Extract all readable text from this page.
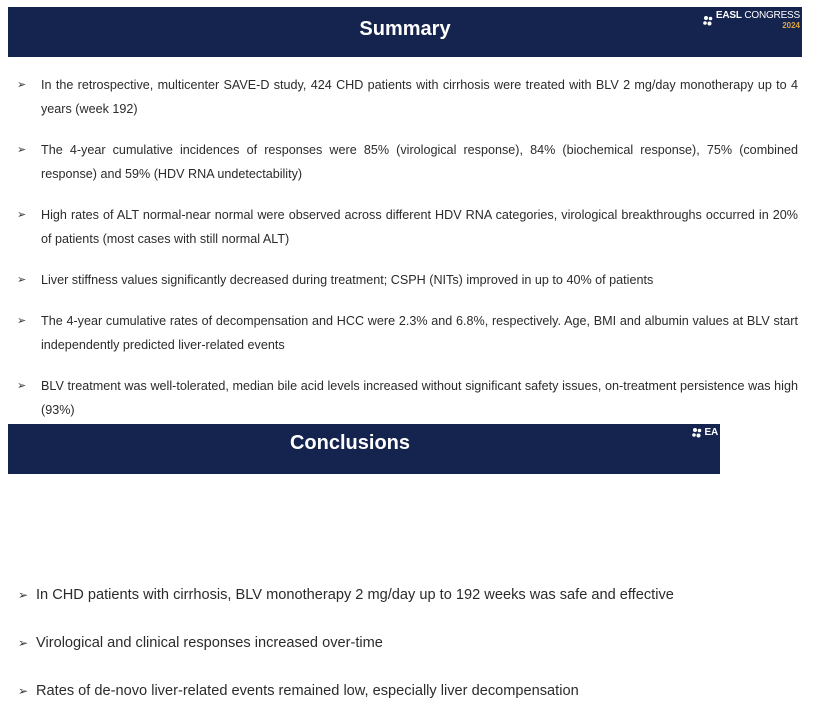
Summary
EASL CONGRESS
2024
➢ In the retrospective, multicenter SAVE-D study, 424 CHD patients with cirrhosis were treated with BLV 2 mg/day monotherapy up to 4 years (week 192)
➢ The 4-year cumulative incidences of responses were 85% (virological response), 84% (biochemical response), 75% (combined response) and 59% (HDV RNA undetectability)
➢ High rates of ALT normal-near normal were observed across different HDV RNA categories, virological breakthroughs occurred in 20% of patients (most cases with still normal ALT)
➢ Liver stiffness values significantly decreased during treatment; CSPH (NITs) improved in up to 40% of patients
➢ The 4-year cumulative rates of decompensation and HCC were 2.3% and 6.8%, respectively. Age, BMI and albumin values at BLV start independently predicted liver-related events
➢ BLV treatment was well-tolerated, median bile acid levels increased without significant safety issues, on-treatment persistence was high (93%)
Conclusions	EA
➢ In CHD patients with cirrhosis, BLV monotherapy 2 mg/day up to 192 weeks was safe and effective
➢ Virological and clinical responses increased over-time
➢ Rates of de-novo liver-related events remained low, especially liver decompensation
